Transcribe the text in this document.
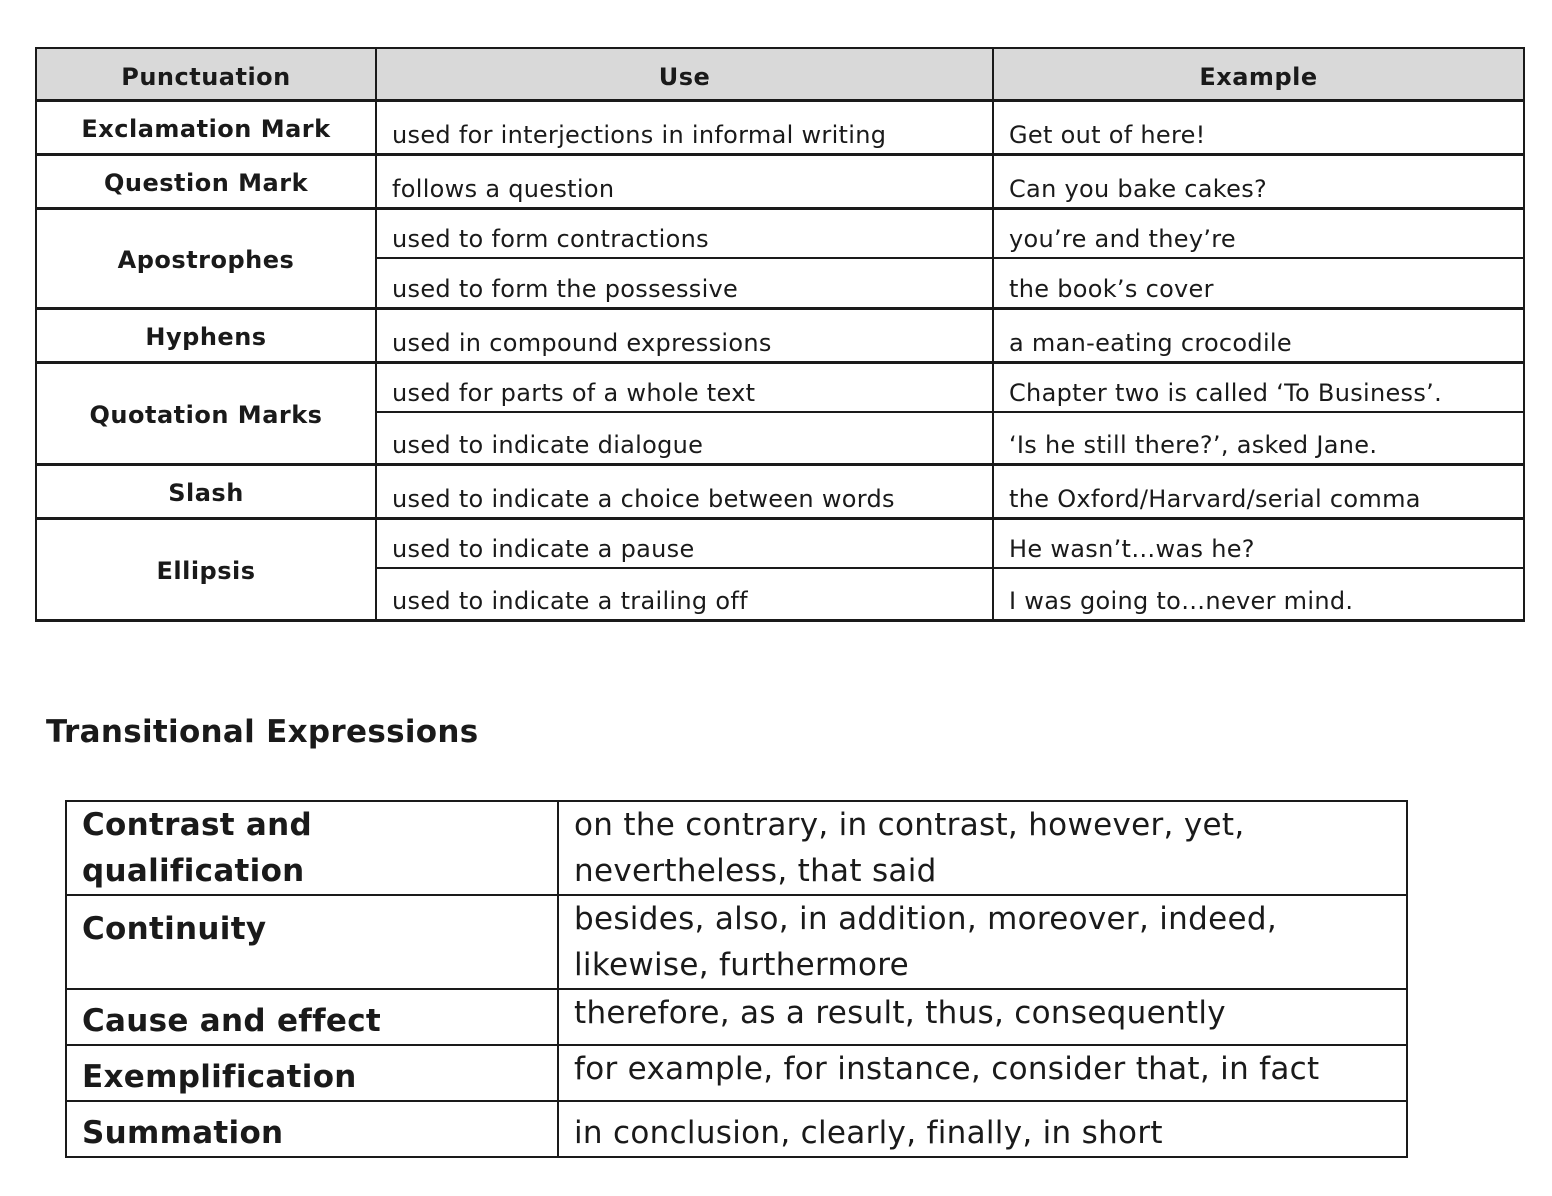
Punctuation	Use	Example
Exclamation Mark	used for interjections in informal writing	Get out of here!
Question Mark	follows a question	Can you bake cakes?
Apostrophes	used to form contractions	you’re and they’re
	used to form the possessive	the book’s cover
Hyphens	used in compound expressions	a man-eating crocodile
Quotation Marks	used for parts of a whole text	Chapter two is called ‘To Business’.
	used to indicate dialogue	‘Is he still there?’, asked Jane.
Slash	used to indicate a choice between words	the Oxford/Harvard/serial comma
Ellipsis	used to indicate a pause	He wasn’t…was he?
	used to indicate a trailing off	I was going to…never mind.
Transitional Expressions
Contrast and qualification	on the contrary, in contrast, however, yet,
nevertheless, that said

Continuity	besides, also, in addition, moreover, indeed,
likewise, furthermore

Cause and effect	therefore, as a result, thus, consequently

Exemplification	for example, for instance, consider that, in fact

Summation	in conclusion, clearly, finally, in short
